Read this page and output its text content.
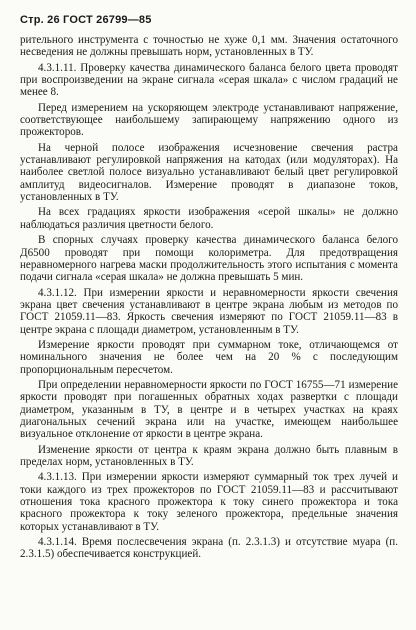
Стр. 26 ГОСТ 26799—85

рительного инструмента с точностью не хуже 0,1 мм. Значения остаточного несведения не должны превышать норм, установленных в ТУ.

4.3.1.11. Проверку качества динамического баланса белого цвета проводят при воспроизведении на экране сигнала «серая шкала» с числом градаций не менее 8.

Перед измерением на ускоряющем электроде устанавливают напряжение, соответствующее наибольшему запирающему напряжению одного из прожекторов.

На черной полосе изображения исчезновение свечения растра устанавливают регулировкой напряжения на катодах (или модуляторах). На наиболее светлой полосе визуально устанавливают белый цвет регулировкой амплитуд видеосигналов. Измерение проводят в диапазоне токов, установленных в ТУ.

На всех градациях яркости изображения «серой шкалы» не должно наблюдаться различия цветности белого.

В спорных случаях проверку качества динамического баланса белого Д6500 проводят при помощи колориметра. Для предотвращения неравномерного нагрева маски продолжительность этого испытания с момента подачи сигнала «серая шкала» не должна превышать 5 мин.

4.3.1.12. При измерении яркости и неравномерности яркости свечения экрана цвет свечения устанавливают в центре экрана любым из методов по ГОСТ 21059.11—83. Яркость свечения измеряют по ГОСТ 21059.11—83 в центре экрана с площади диаметром, установленным в ТУ.

Измерение яркости проводят при суммарном токе, отличающемся от номинального значения не более чем на 20 % с последующим пропорциональным пересчетом.

При определении неравномерности яркости по ГОСТ 16755—71 измерение яркости проводят при погашенных обратных ходах развертки с площади диаметром, указанным в ТУ, в центре и в четырех участках на краях диагональных сечений экрана или на участке, имеющем наибольшее визуальное отклонение от яркости в центре экрана.

Изменение яркости от центра к краям экрана должно быть плавным в пределах норм, установленных в ТУ.

4.3.1.13. При измерении яркости измеряют суммарный ток трех лучей и токи каждого из трех прожекторов по ГОСТ 21059.11—83 и рассчитывают отношения тока красного прожектора к току синего прожектора и тока красного прожектора к току зеленого прожектора, предельные значения которых устанавливают в ТУ.

4.3.1.14. Время послесвечения экрана (п. 2.3.1.3) и отсутствие муара (п. 2.3.1.5) обеспечивается конструкцией.
